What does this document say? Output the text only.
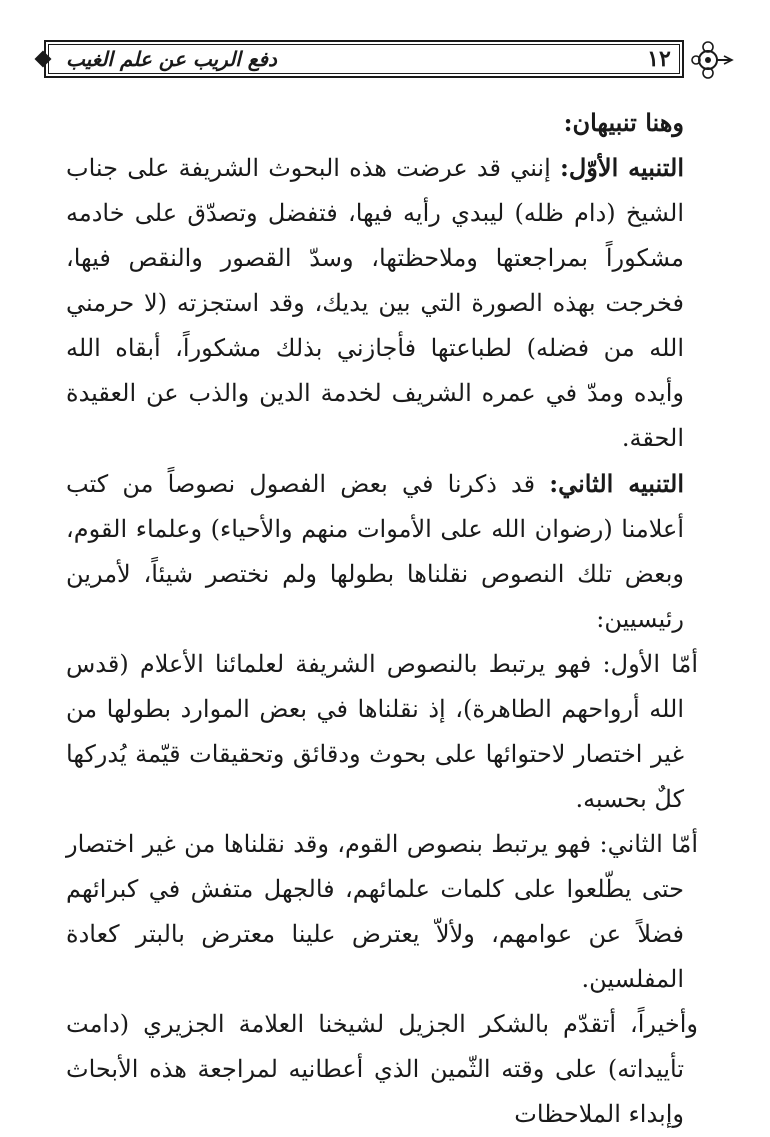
دفع الريب عن علم الغيب	١٢

وهنا تنبيهان:

التنبيه الأوّل: إنني قد عرضت هذه البحوث الشريفة على جناب الشيخ (دام ظله) ليبدي رأيه فيها، فتفضل وتصدّق على خادمه مشكوراً بمراجعتها وملاحظتها، وسدّ القصور والنقص فيها، فخرجت بهذه الصورة التي بين يديك، وقد استجزته (لا حرمني الله من فضله) لطباعتها فأجازني بذلك مشكوراً، أبقاه الله وأيده ومدّ في عمره الشريف لخدمة الدين والذب عن العقيدة الحقة.

التنبيه الثاني: قد ذكرنا في بعض الفصول نصوصاً من كتب أعلامنا (رضوان الله على الأموات منهم والأحياء) وعلماء القوم، وبعض تلك النصوص نقلناها بطولها ولم نختصر شيئاً، لأمرين رئيسيين:

أمّا الأول: فهو يرتبط بالنصوص الشريفة لعلمائنا الأعلام (قدس الله أرواحهم الطاهرة)، إذ نقلناها في بعض الموارد بطولها من غير اختصار لاحتوائها على بحوث ودقائق وتحقيقات قيّمة يُدركها كلٌ بحسبه.

أمّا الثاني: فهو يرتبط بنصوص القوم، وقد نقلناها من غير اختصار حتى يطّلعوا على كلمات علمائهم، فالجهل متفش في كبرائهم فضلاً عن عوامهم، ولألاّ يعترض علينا معترض بالبتر كعادة المفلسين.

وأخيراً، أتقدّم بالشكر الجزيل لشيخنا العلامة الجزيري (دامت تأييداته) على وقته الثّمين الذي أعطانيه لمراجعة هذه الأبحاث وإبداء الملاحظات
